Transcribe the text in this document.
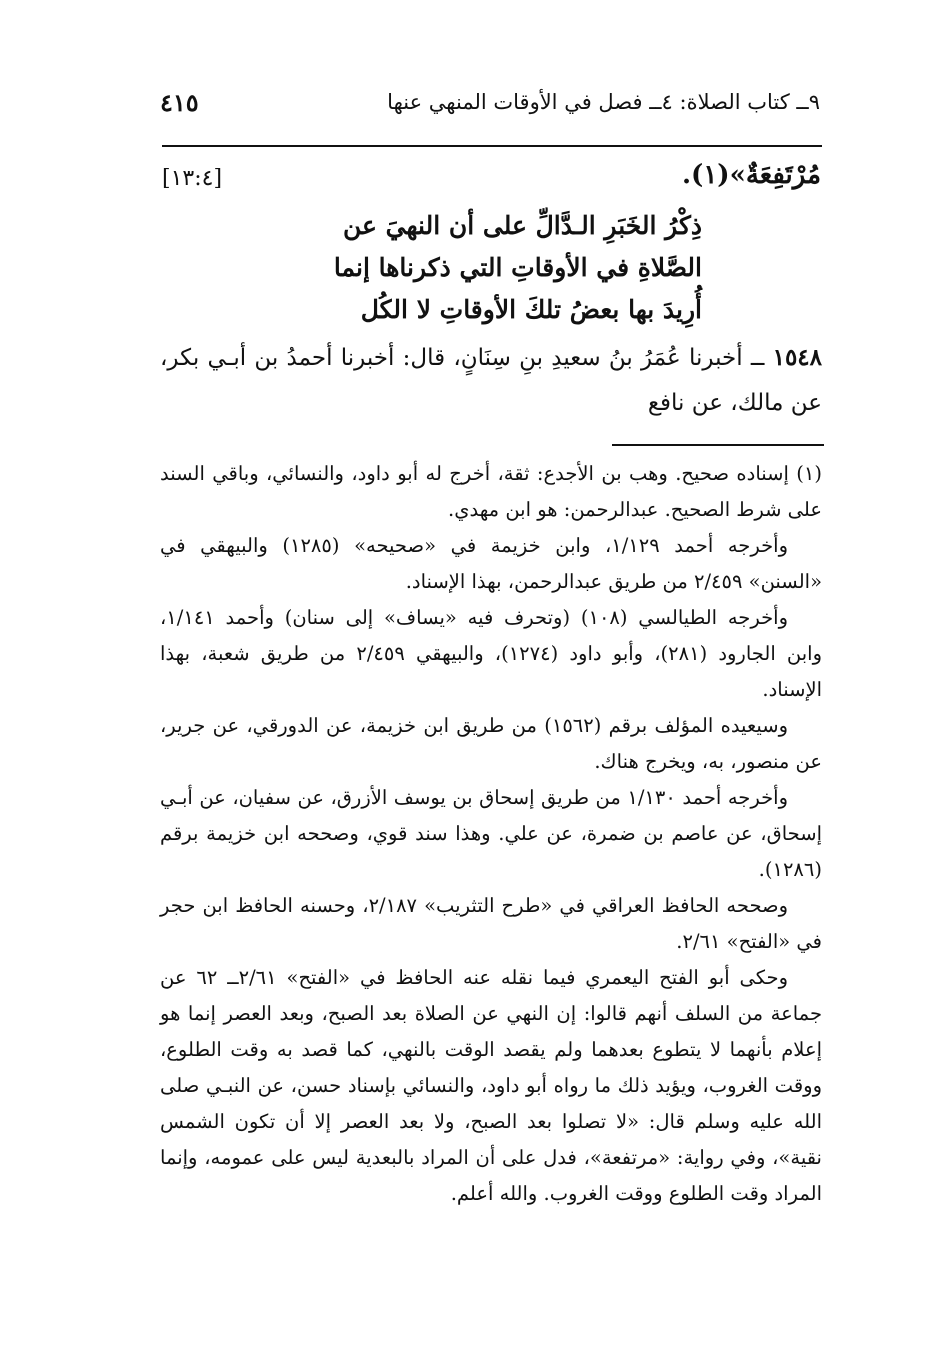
٩ــ كتاب الصلاة: ٤ــ فصل في الأوقات المنهي عنها
٤١٥
مُرْتَفِعَةٌ»(١).
[١٣:٤]
ذِكْرُ الخَبَرِ الـدَّالِّ على أن النهيَ عن
الصَّلاةِ في الأوقاتِ التي ذكرناها إنما
أُرِيدَ بها بعضُ تلكَ الأوقاتِ لا الكُل
١٥٤٨ ــ أخبرنا عُمَرُ بنُ سعيدِ بنِ سِنَانٍ، قال: أخبرنا أحمدُ بن أبـي بكر، عن مالك، عن نافع

(١) إسناده صحيح. وهب بن الأجدع: ثقة، أخرج له أبو داود، والنسائي، وباقي السند على شرط الصحيح. عبدالرحمن: هو ابن مهدي.

وأخرجه أحمد ١/١٢٩، وابن خزيمة في «صحيحه» (١٢٨٥) والبيهقي في «السنن» ٢/٤٥٩ من طريق عبدالرحمن، بهذا الإسناد.

وأخرجه الطيالسي (١٠٨) (وتحرف فيه «يساف» إلى سنان) وأحمد ١/١٤١، وابن الجارود (٢٨١)، وأبو داود (١٢٧٤)، والبيهقي ٢/٤٥٩ من طريق شعبة، بهذا الإسناد.

وسيعيده المؤلف برقم (١٥٦٢) من طريق ابن خزيمة، عن الدورقي، عن جرير، عن منصور، به، ويخرج هناك.

وأخرجه أحمد ١/١٣٠ من طريق إسحاق بن يوسف الأزرق، عن سفيان، عن أبـي إسحاق، عن عاصم بن ضمرة، عن علي. وهذا سند قوي، وصححه ابن خزيمة برقم (١٢٨٦).

وصححه الحافظ العراقي في «طرح التثريب» ٢/١٨٧، وحسنه الحافظ ابن حجر في «الفتح» ٢/٦١.

وحكى أبو الفتح اليعمري فيما نقله عنه الحافظ في «الفتح» ٢/٦١ــ ٦٢ عن جماعة من السلف أنهم قالوا: إن النهي عن الصلاة بعد الصبح، وبعد العصر إنما هو إعلام بأنهما لا يتطوع بعدهما ولم يقصد الوقت بالنهي، كما قصد به وقت الطلوع، ووقت الغروب، ويؤيد ذلك ما رواه أبو داود، والنسائي بإسناد حسن، عن النبـي صلى الله عليه وسلم قال: «لا تصلوا بعد الصبح، ولا بعد العصر إلا أن تكون الشمس نقية»، وفي رواية: «مرتفعة»، فدل على أن المراد بالبعدية ليس على عمومه، وإنما المراد وقت الطلوع ووقت الغروب. والله أعلم.
